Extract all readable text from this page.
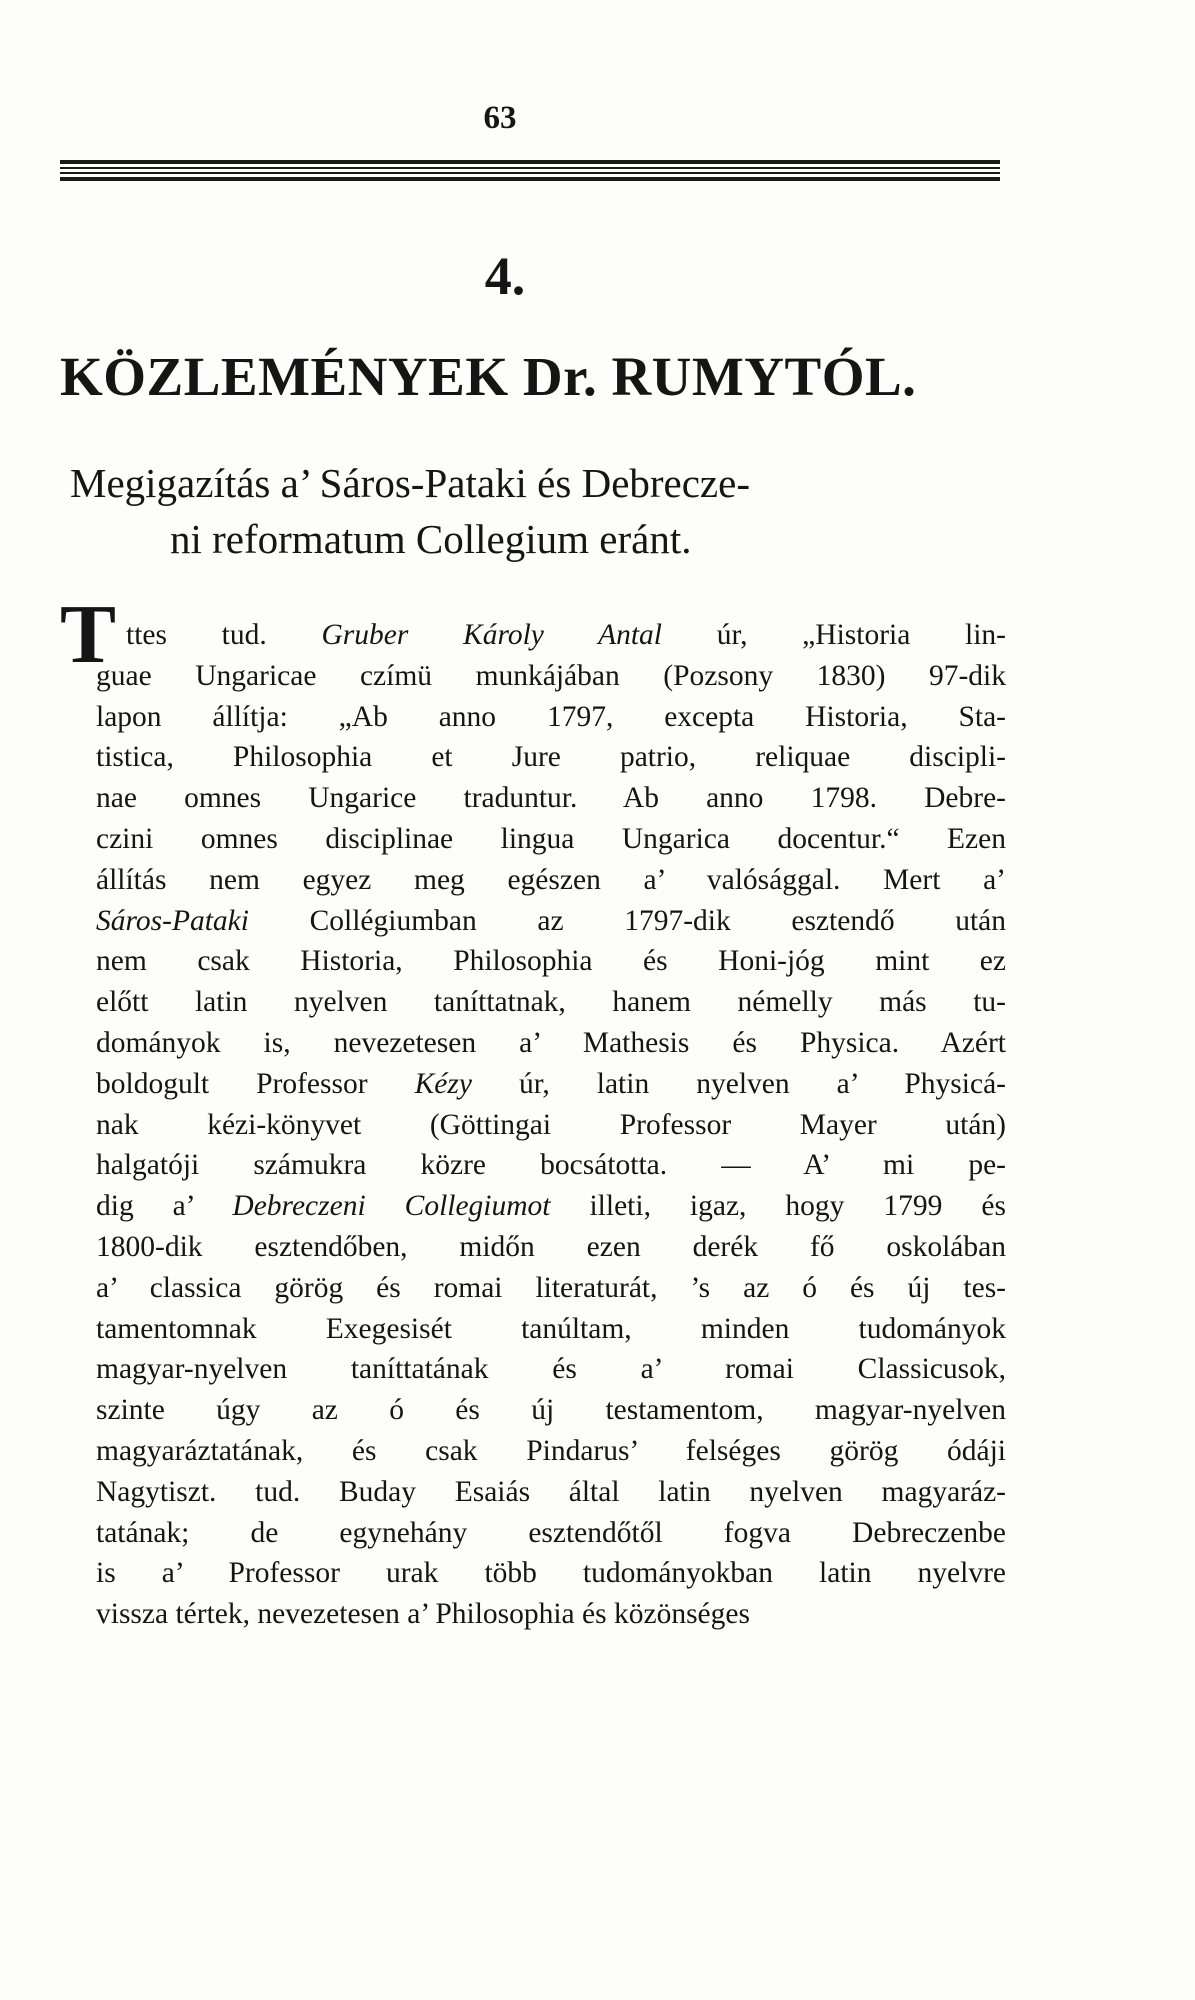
63
4.
KÖZLEMÉNYEK Dr. RUMYTÓL.
Megigazítás a’ Sáros-Pataki és Debrecze-
ni reformatum Collegium eránt.
T ttes tud. Gruber Károly Antal úr, „Historia lin-
guae Ungaricae czímü munkájában (Pozsony 1830) 97-dik
lapon állítja: „Ab anno 1797, excepta Historia, Sta-
tistica, Philosophia et Jure patrio, reliquae discipli-
nae omnes Ungarice traduntur. Ab anno 1798. Debre-
czini omnes disciplinae lingua Ungarica docentur.“ Ezen
állítás nem egyez meg egészen a’ valósággal. Mert a’
Sáros-Pataki Collégiumban az 1797-dik esztendő után
nem csak Historia, Philosophia és Honi-jóg mint ez
előtt latin nyelven taníttatnak, hanem némelly más tu-
dományok is, nevezetesen a’ Mathesis és Physica. Azért
boldogult Professor Kézy úr, latin nyelven a’ Physicá-
nak kézi-könyvet (Göttingai Professor Mayer után)
halgatóji számukra közre bocsátotta. — A’ mi pe-
dig a’ Debreczeni Collegiumot illeti, igaz, hogy 1799 és
1800-dik esztendőben, midőn ezen derék fő oskolában
a’ classica görög és romai literaturát, ’s az ó és új tes-
tamentomnak Exegesisét tanúltam, minden tudományok
magyar-nyelven taníttatának és a’ romai Classicusok,
szinte úgy az ó és új testamentom, magyar-nyelven
magyaráztatának, és csak Pindarus’ felséges görög ódáji
Nagytiszt. tud. Buday Esaiás által latin nyelven magyaráz-
tatának; de egynehány esztendőtől fogva Debreczenbe
is a’ Professor urak több tudományokban latin nyelvre
vissza tértek, nevezetesen a’ Philosophia és közönséges
